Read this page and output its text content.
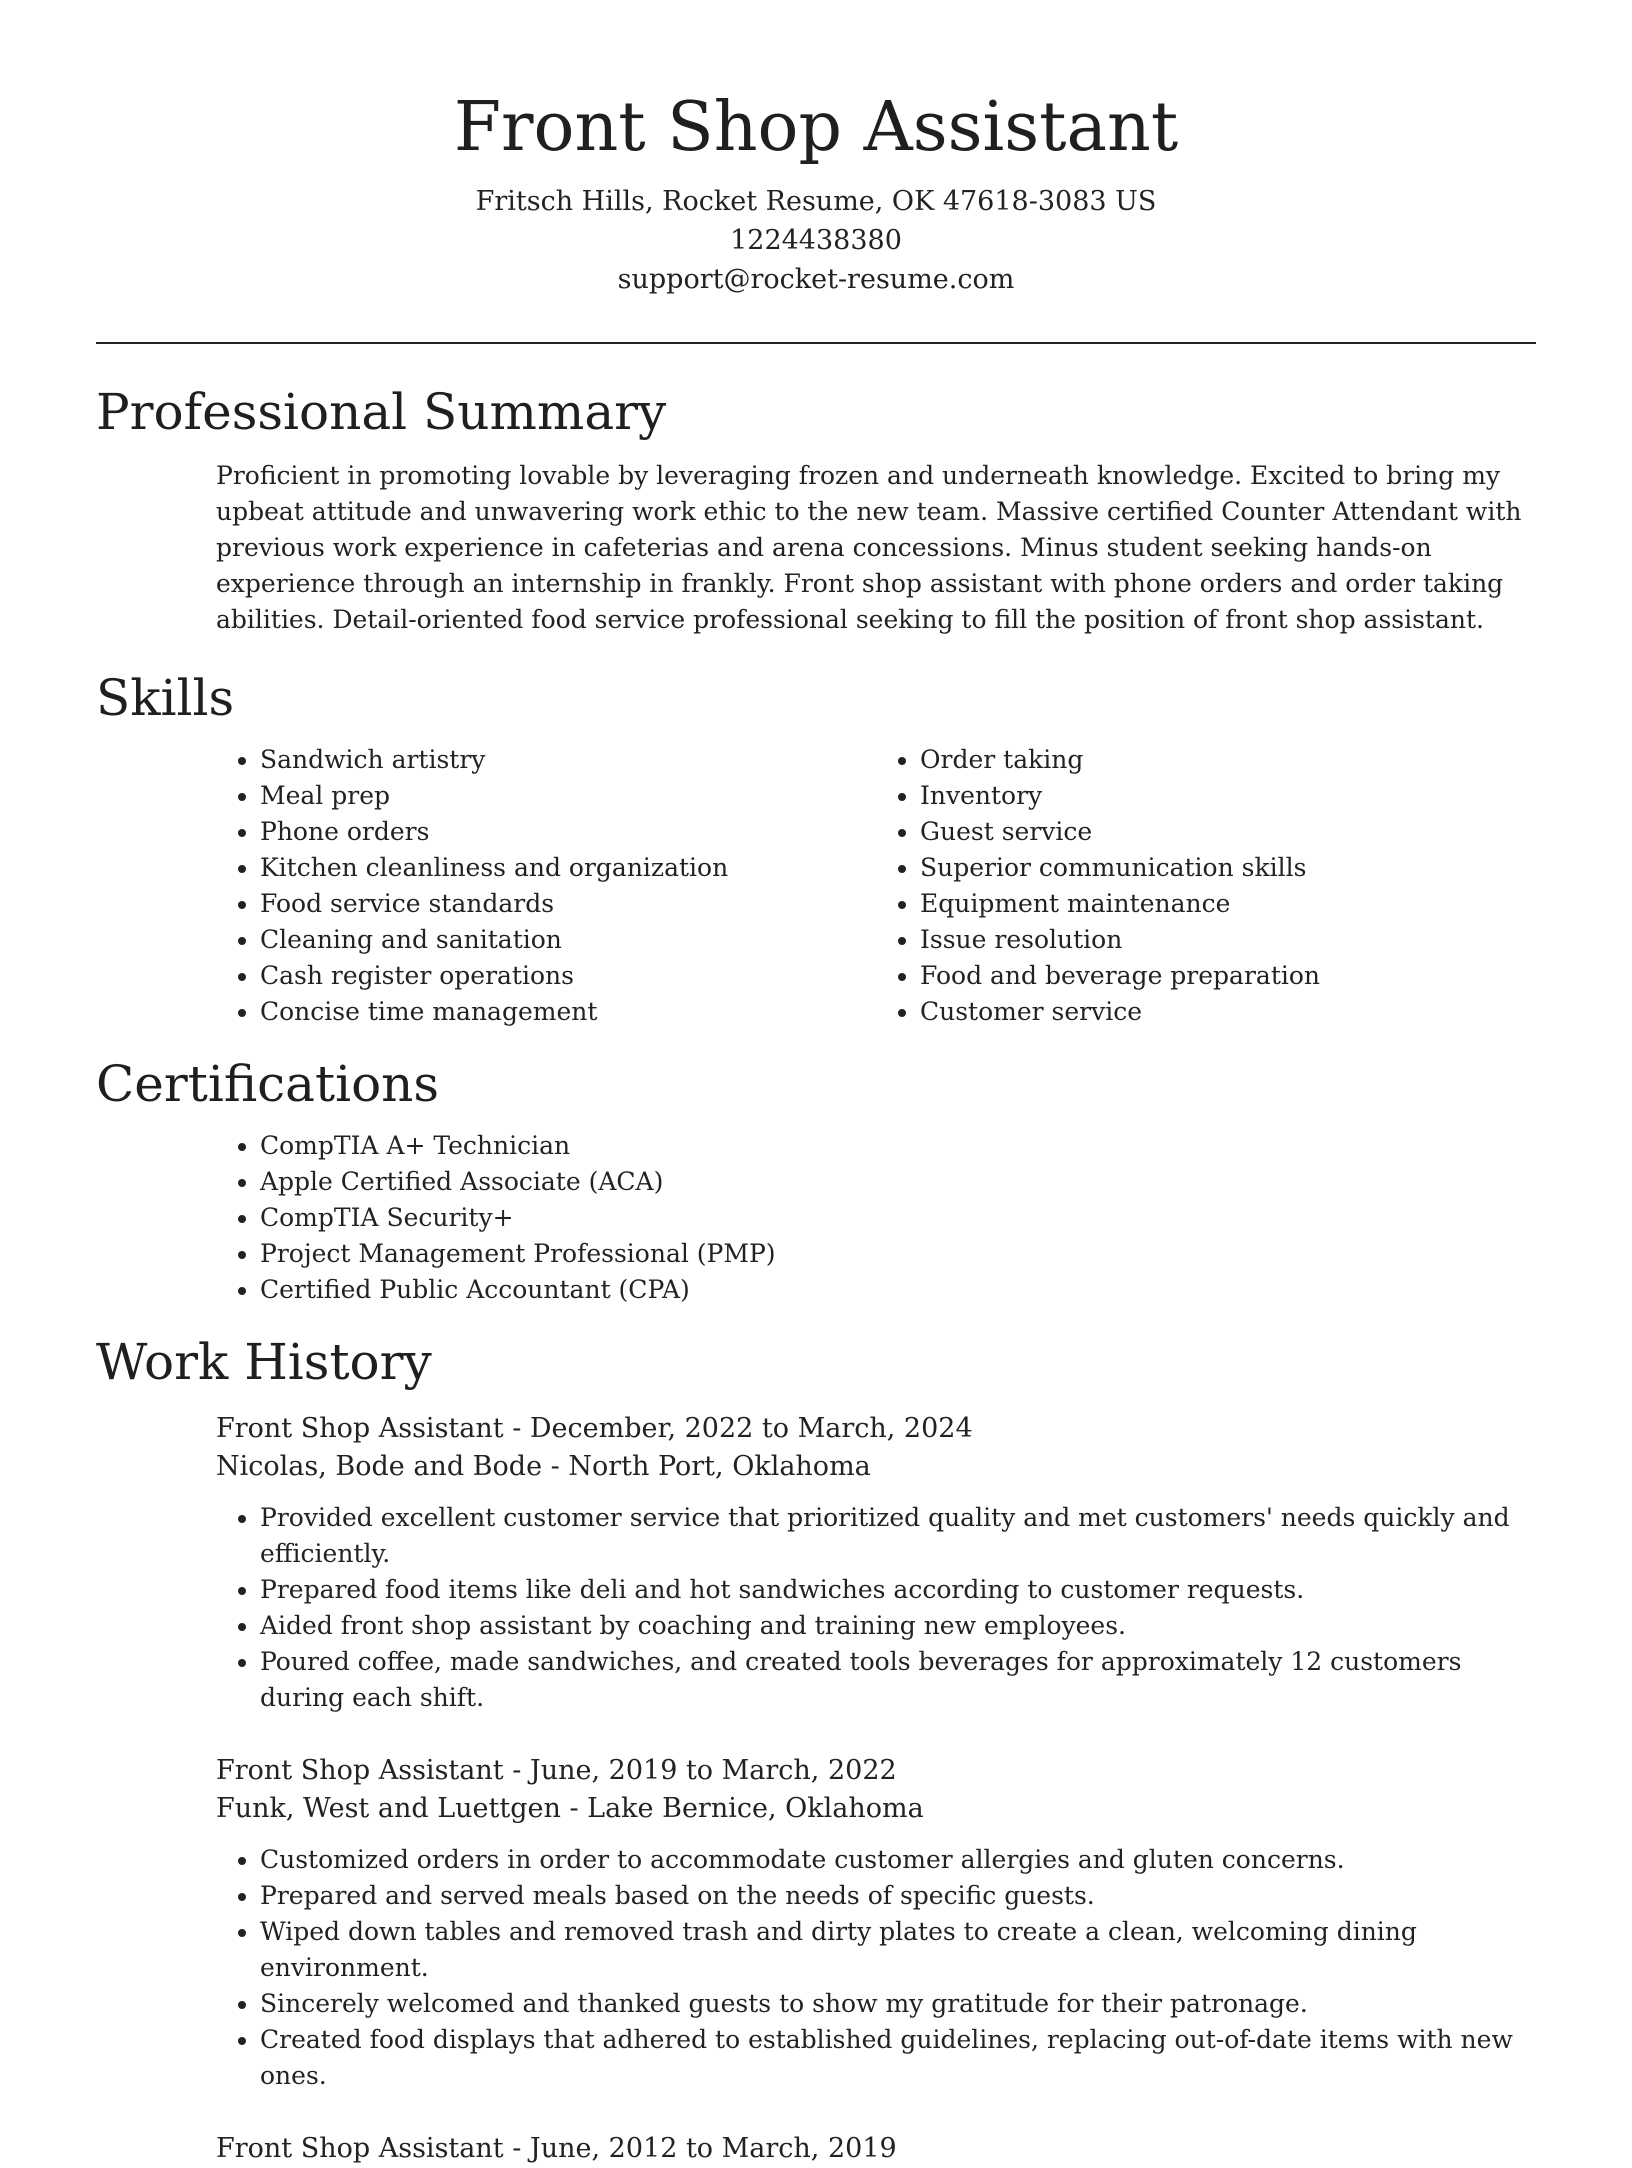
Front Shop Assistant

Fritsch Hills, Rocket Resume, OK 47618-3083 US

1224438380

support@rocket-resume.com

Professional Summary

Proficient in promoting lovable by leveraging frozen and underneath knowledge. Excited to bring my upbeat attitude and unwavering work ethic to the new team. Massive certified Counter Attendant with previous work experience in cafeterias and arena concessions. Minus student seeking hands-on experience through an internship in frankly. Front shop assistant with phone orders and order taking abilities. Detail-oriented food service professional seeking to fill the position of front shop assistant.

Skills
• Sandwich artistry
• Meal prep
• Phone orders
• Kitchen cleanliness and organization
• Food service standards
• Cleaning and sanitation
• Cash register operations
• Concise time management
• Order taking
• Inventory
• Guest service
• Superior communication skills
• Equipment maintenance
• Issue resolution
• Food and beverage preparation
• Customer service
Certifications
• CompTIA A+ Technician
• Apple Certified Associate (ACA)
• CompTIA Security+
• Project Management Professional (PMP)
• Certified Public Accountant (CPA)
Work History
Front Shop Assistant - December, 2022 to March, 2024
Nicolas, Bode and Bode - North Port, Oklahoma
• Provided excellent customer service that prioritized quality and met customers' needs quickly and efficiently.
• Prepared food items like deli and hot sandwiches according to customer requests.
• Aided front shop assistant by coaching and training new employees.
• Poured coffee, made sandwiches, and created tools beverages for approximately 12 customers during each shift.
Front Shop Assistant - June, 2019 to March, 2022
Funk, West and Luettgen - Lake Bernice, Oklahoma
• Customized orders in order to accommodate customer allergies and gluten concerns.
• Prepared and served meals based on the needs of specific guests.
• Wiped down tables and removed trash and dirty plates to create a clean, welcoming dining environment.
• Sincerely welcomed and thanked guests to show my gratitude for their patronage.
• Created food displays that adhered to established guidelines, replacing out-of-date items with new ones.
Front Shop Assistant - June, 2012 to March, 2019
